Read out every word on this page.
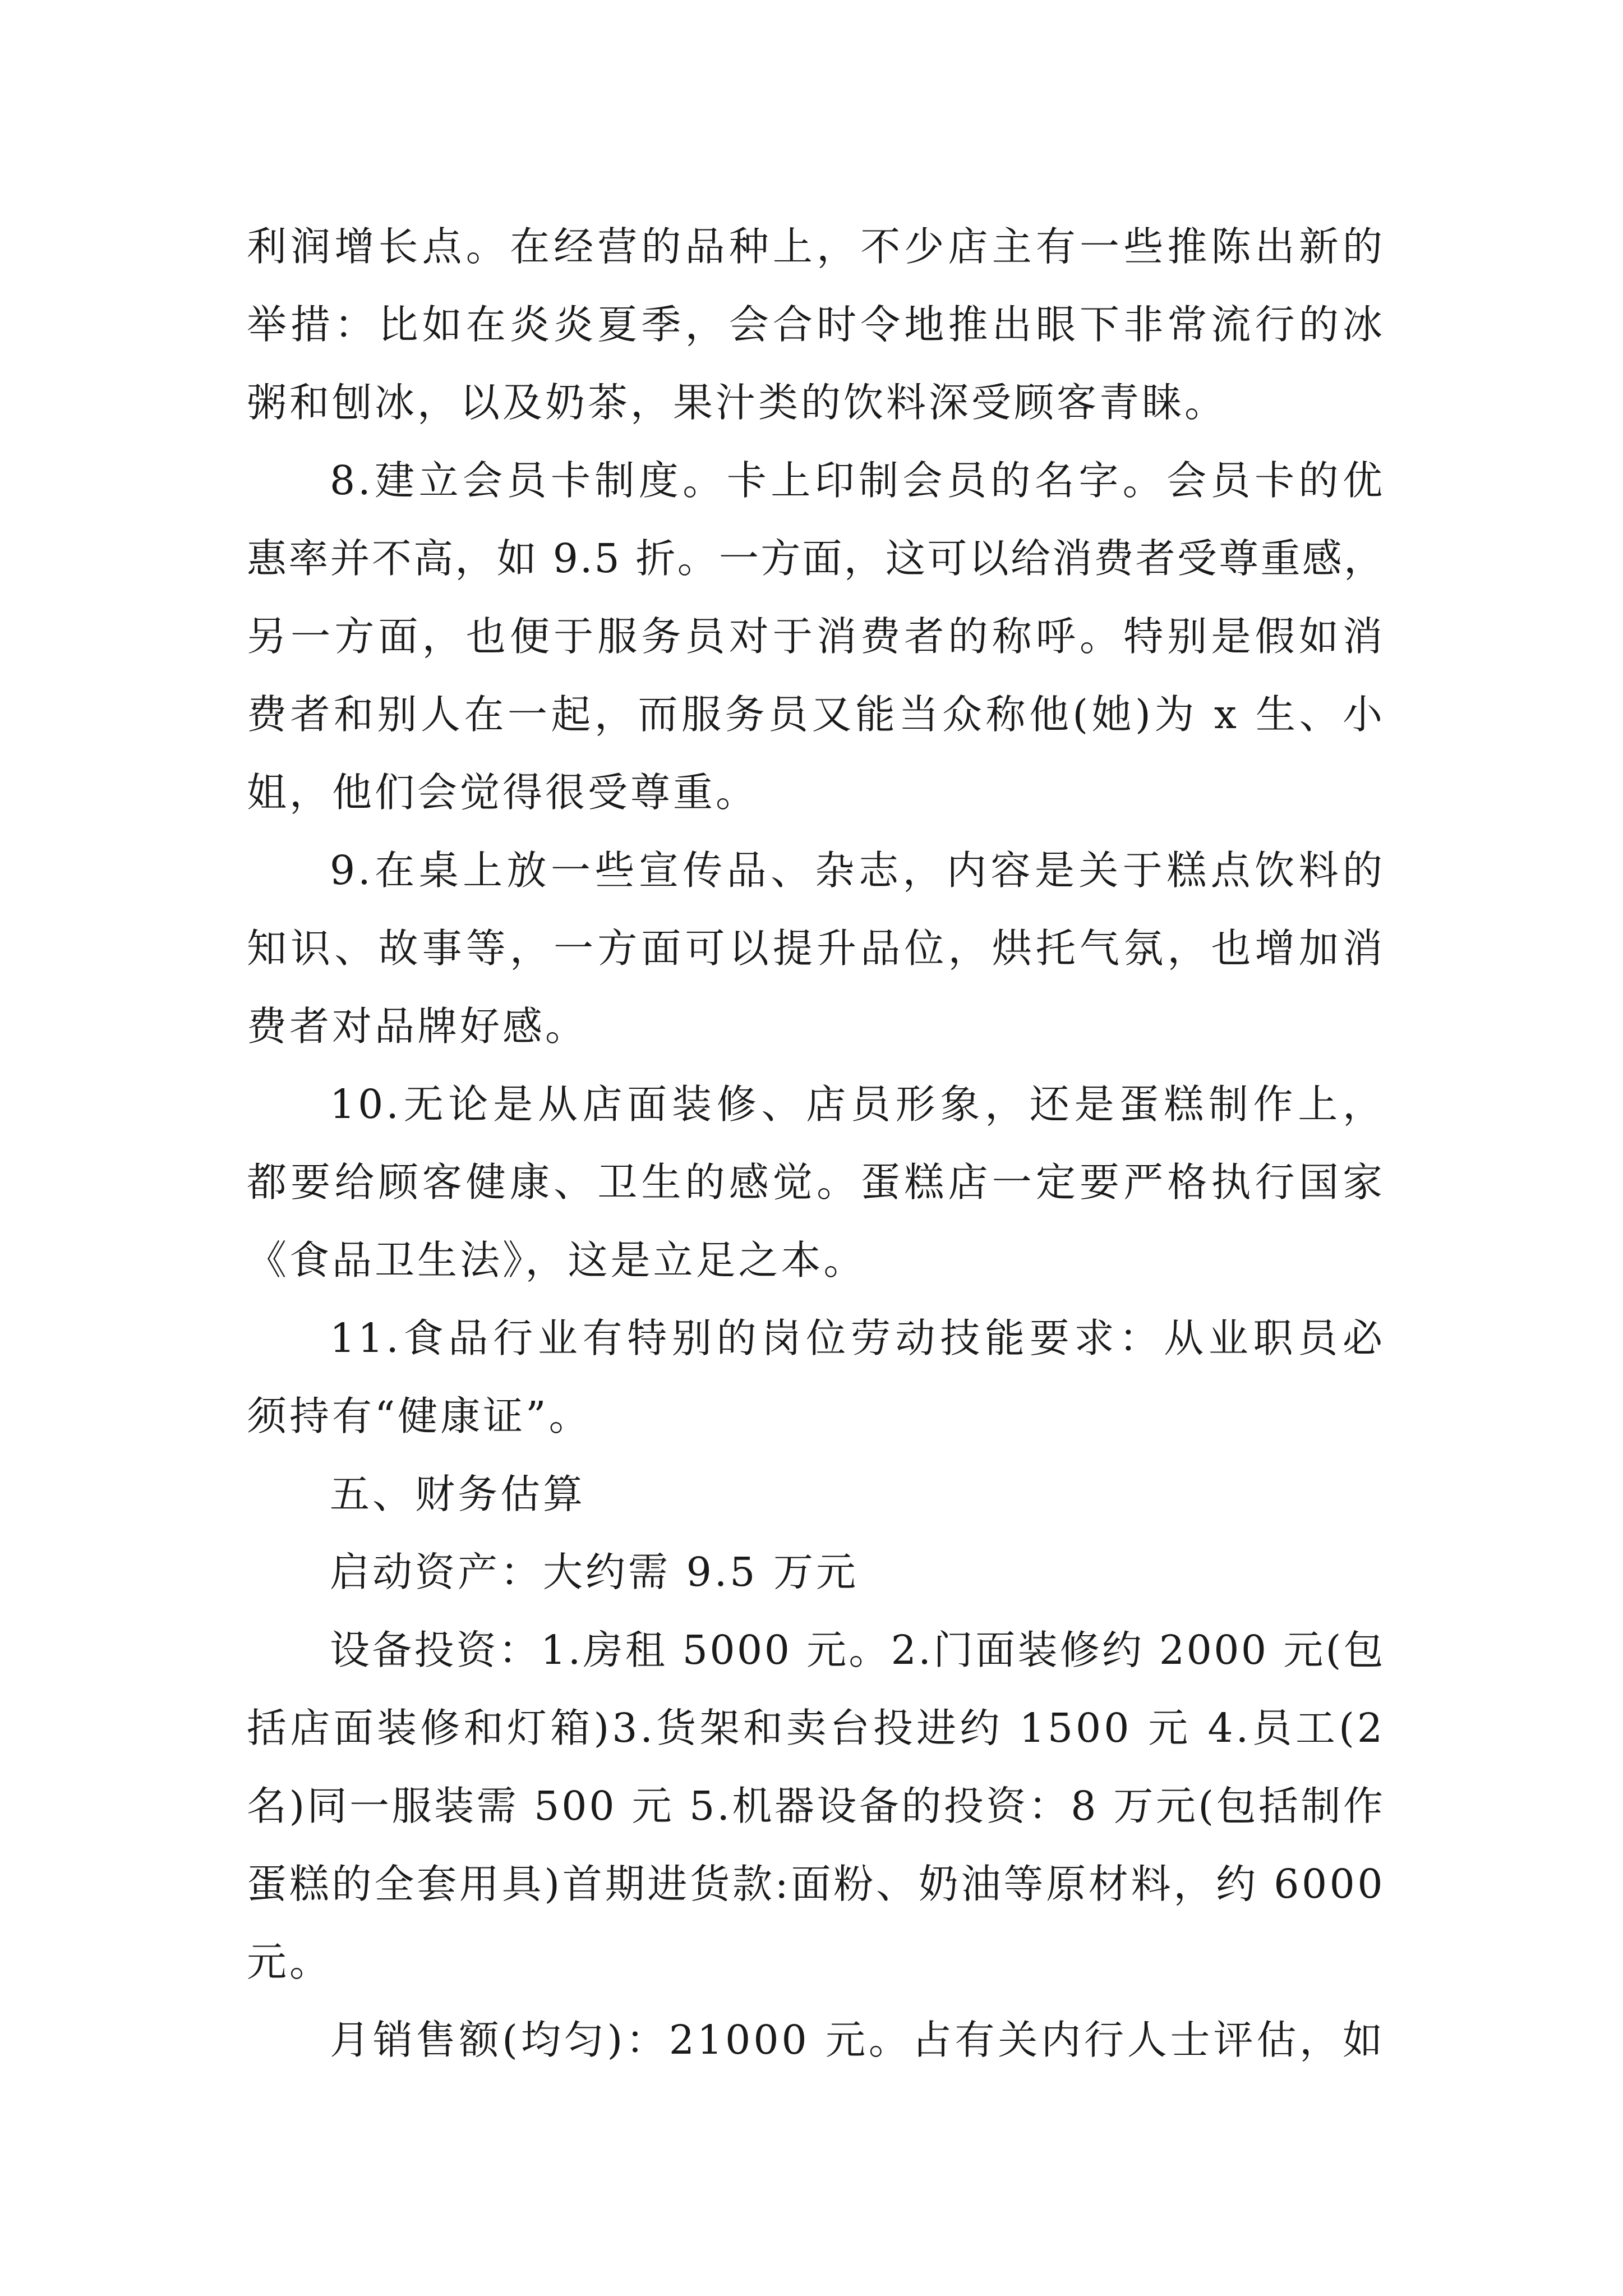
利润增长点。在经营的品种上，不少店主有一些推陈出新的
举措：比如在炎炎夏季，会合时令地推出眼下非常流行的冰
粥和刨冰，以及奶茶，果汁类的饮料深受顾客青睐。
8.建立会员卡制度。卡上印制会员的名字。会员卡的优
惠率并不高，如 9.5 折。一方面，这可以给消费者受尊重感，
另一方面，也便于服务员对于消费者的称呼。特别是假如消
费者和别人在一起，而服务员又能当众称他(她)为 x 生、小
姐，他们会觉得很受尊重。
9.在桌上放一些宣传品、杂志，内容是关于糕点饮料的
知识、故事等，一方面可以提升品位，烘托气氛，也增加消
费者对品牌好感。
10.无论是从店面装修、店员形象，还是蛋糕制作上，
都要给顾客健康、卫生的感觉。蛋糕店一定要严格执行国家
《食品卫生法》，这是立足之本。
11.食品行业有特别的岗位劳动技能要求：从业职员必
须持有“健康证”。
五、财务估算
启动资产：大约需 9.5 万元
设备投资：1.房租 5000 元。2.门面装修约 2000 元(包
括店面装修和灯箱)3.货架和卖台投进约 1500 元 4.员工(2
名)同一服装需 500 元 5.机器设备的投资：8 万元(包括制作
蛋糕的全套用具)首期进货款:面粉、奶油等原材料，约 6000
元。
月销售额(均匀)：21000 元。占有关内行人士评估，如
